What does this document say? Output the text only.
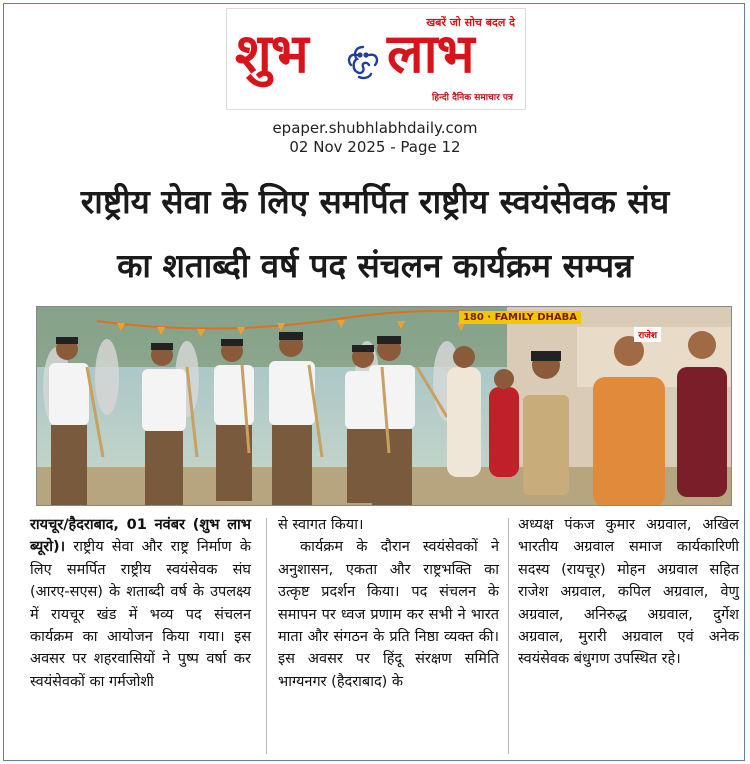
खबरें जो सोच बदल दे
शुभ लाभ
हिन्दी दैनिक समाचार पत्र
epaper.shubhlabhdaily.com
02 Nov 2025 - Page 12
राष्ट्रीय सेवा के लिए समर्पित राष्ट्रीय स्वयंसेवक संघ
का शताब्दी वर्ष पद संचलन कार्यक्रम सम्पन्न
180 · FAMILY DHABA
राजेश
रायचूर/हैदराबाद, 01 नवंबर (शुभ लाभ ब्यूरो)। राष्ट्रीय सेवा और राष्ट्र निर्माण के लिए समर्पित राष्ट्रीय स्वयंसेवक संघ (आरए-सएस) के शताब्दी वर्ष के उपलक्ष्य में रायचूर खंड में भव्य पद संचलन कार्यक्रम का आयोजन किया गया। इस अवसर पर शहरवासियों ने पुष्प वर्षा कर स्वयंसेवकों का गर्मजोशी
से स्वागत किया।
कार्यक्रम के दौरान स्वयंसेवकों ने अनुशासन, एकता और राष्ट्रभक्ति का उत्कृष्ट प्रदर्शन किया। पद संचलन के समापन पर ध्वज प्रणाम कर सभी ने भारत माता और संगठन के प्रति निष्ठा व्यक्त की।इस अवसर पर हिंदू संरक्षण समिति भाग्यनगर (हैदराबाद) के
अध्यक्ष पंकज कुमार अग्रवाल, अखिल भारतीय अग्रवाल समाज कार्यकारिणी सदस्य (रायचूर) मोहन अग्रवाल सहित राजेश अग्रवाल, कपिल अग्रवाल, वेणु अग्रवाल, अनिरुद्ध अग्रवाल, दुर्गेश अग्रवाल, मुरारी अग्रवाल एवं अनेक स्वयंसेवक बंधुगण उपस्थित रहे।
